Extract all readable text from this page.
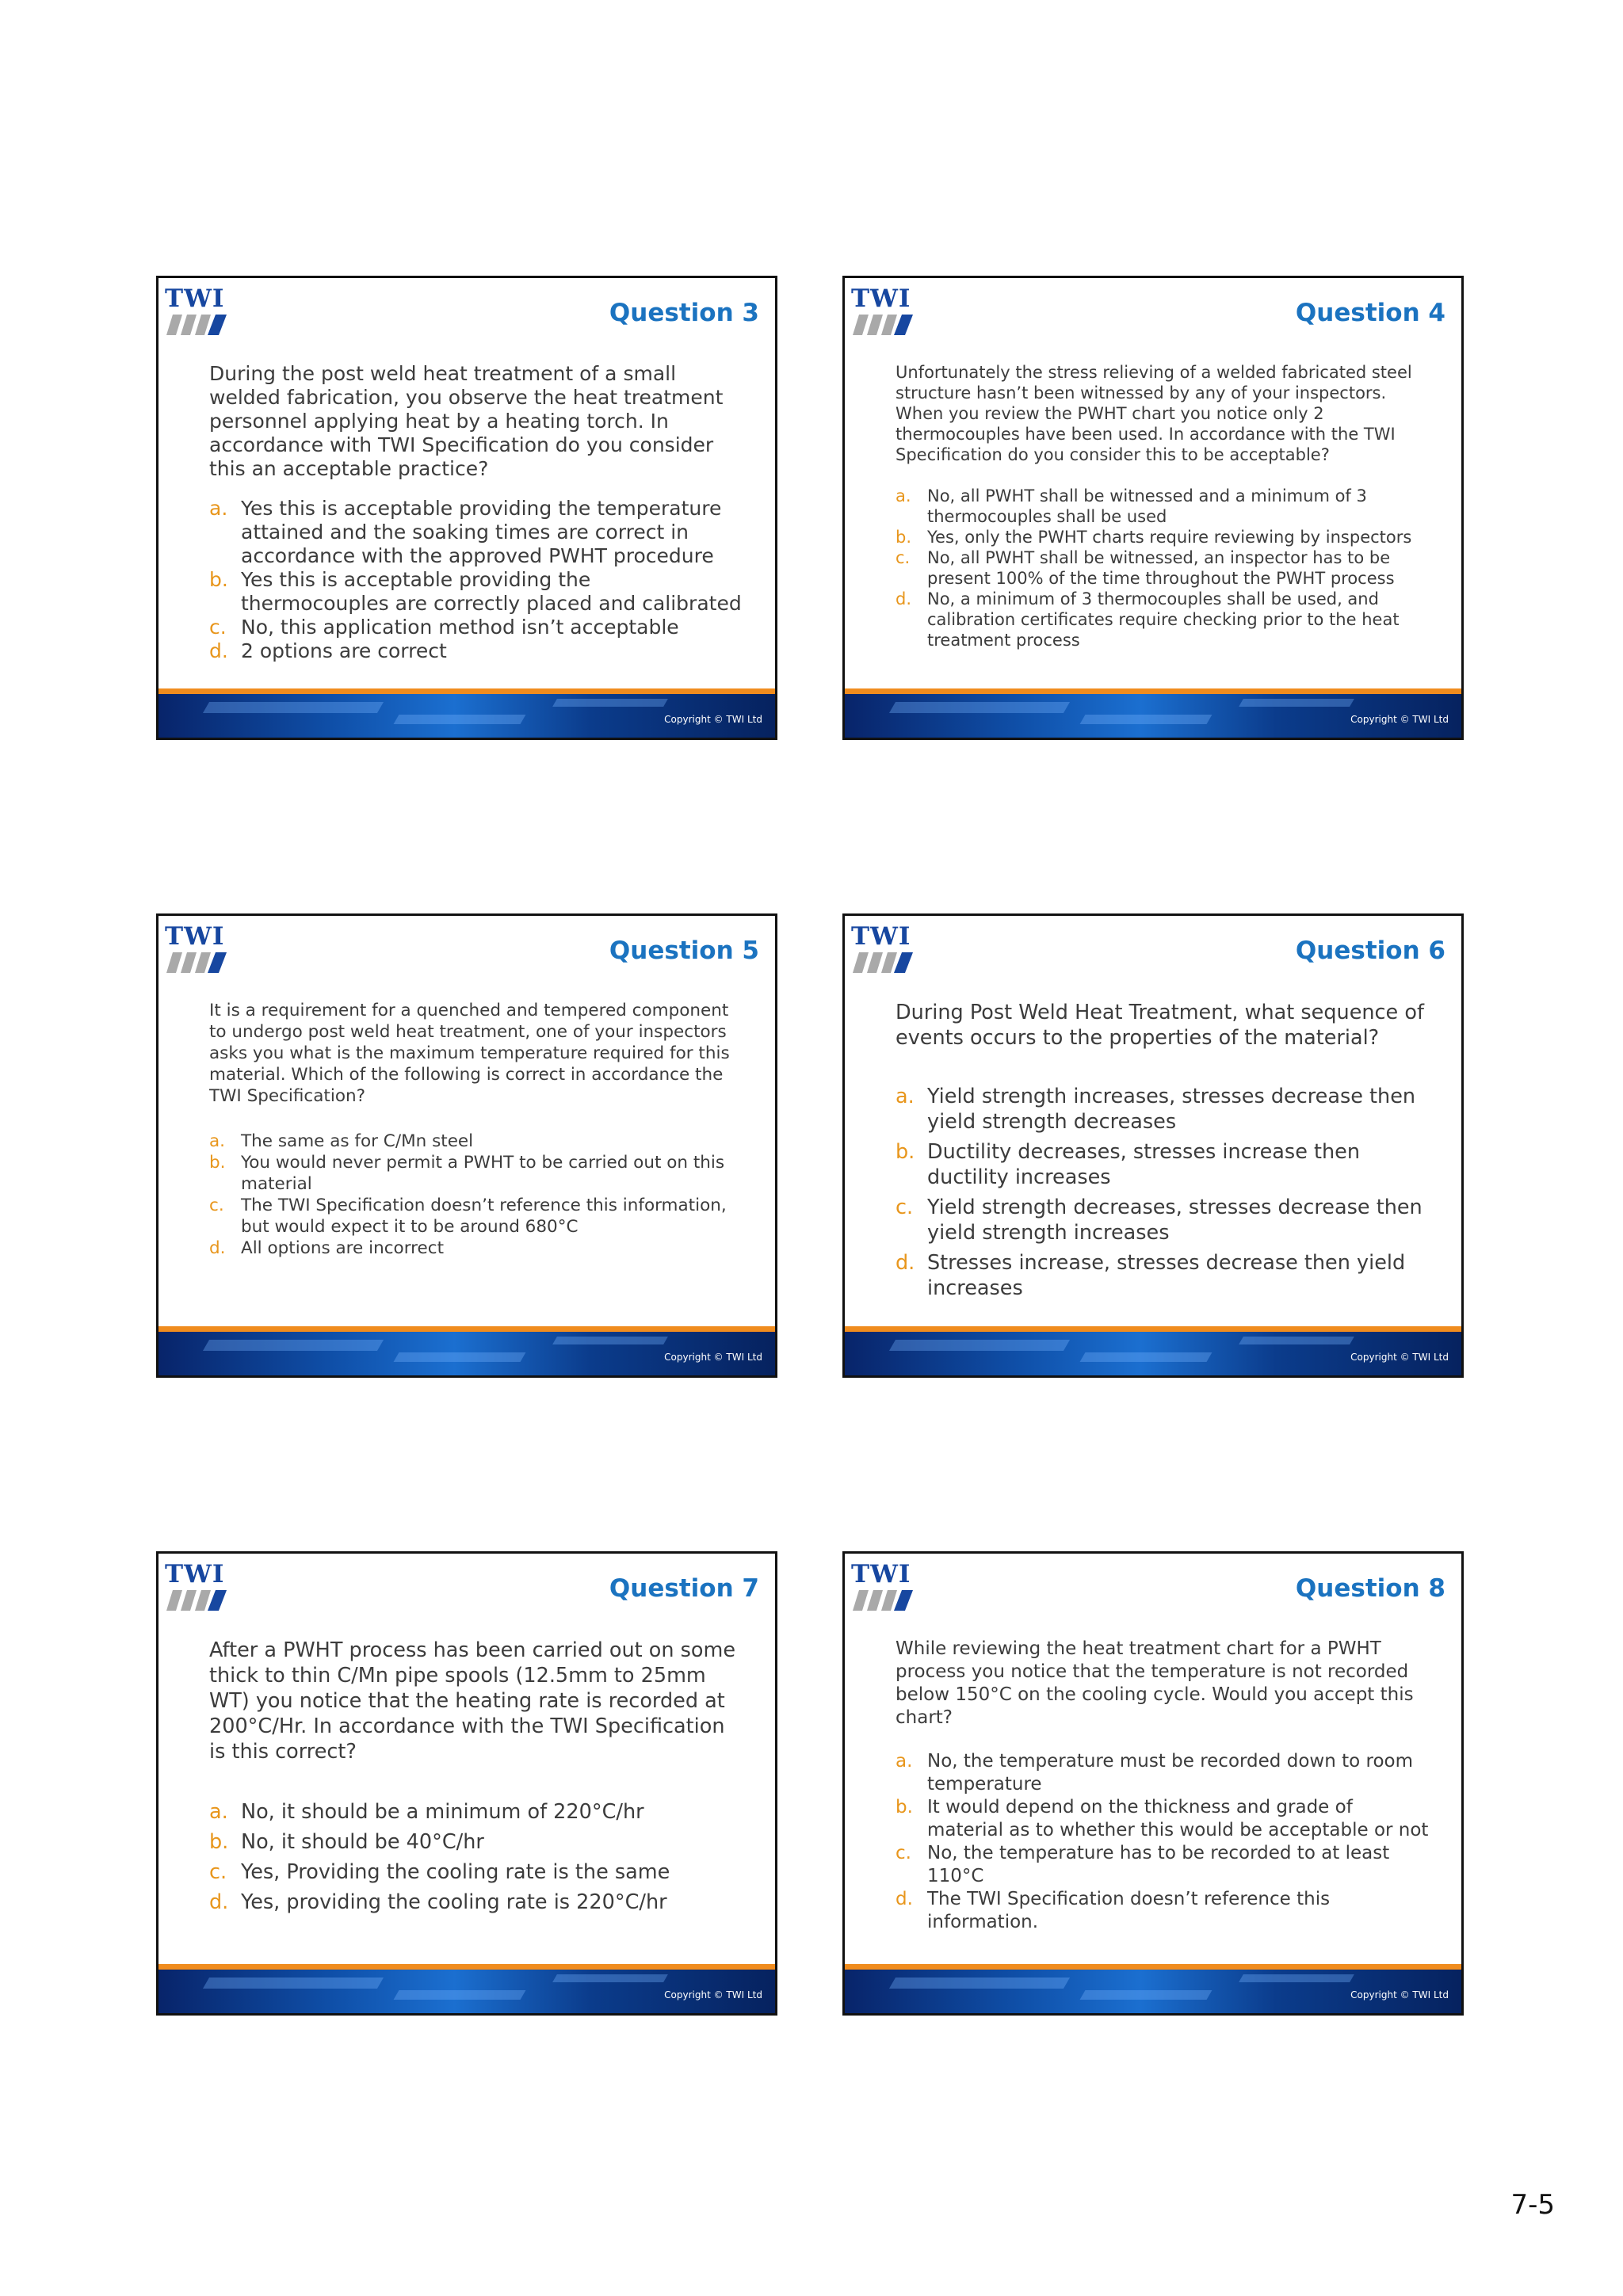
TWI	Question 3

During the post weld heat treatment of a small welded fabrication, you observe the heat treatment personnel applying heat by a heating torch. In accordance with TWI Specification do you consider this an acceptable practice?

a. Yes this is acceptable providing the temperature attained and the soaking times are correct in accordance with the approved PWHT procedure
b. Yes this is acceptable providing the thermocouples are correctly placed and calibrated
c. No, this application method isn’t acceptable
d. 2 options are correct
Copyright © TWI Ltd
TWI	Question 4

Unfortunately the stress relieving of a welded fabricated steel structure hasn’t been witnessed by any of your inspectors. When you review the PWHT chart you notice only 2 thermocouples have been used. In accordance with the TWI Specification do you consider this to be acceptable?

a. No, all PWHT shall be witnessed and a minimum of 3 thermocouples shall be used
b. Yes, only the PWHT charts require reviewing by inspectors
c. No, all PWHT shall be witnessed, an inspector has to be present 100% of the time throughout the PWHT process
d. No, a minimum of 3 thermocouples shall be used, and calibration certificates require checking prior to the heat treatment process
Copyright © TWI Ltd
TWI	Question 5

It is a requirement for a quenched and tempered component to undergo post weld heat treatment, one of your inspectors asks you what is the maximum temperature required for this material. Which of the following is correct in accordance the TWI Specification?

a. The same as for C/Mn steel
b. You would never permit a PWHT to be carried out on this material
c. The TWI Specification doesn’t reference this information, but would expect it to be around 680°C
d. All options are incorrect
Copyright © TWI Ltd
TWI	Question 6

During Post Weld Heat Treatment, what sequence of events occurs to the properties of the material?

a. Yield strength increases, stresses decrease then yield strength decreases
b. Ductility decreases, stresses increase then ductility increases
c. Yield strength decreases, stresses decrease then yield strength increases
d. Stresses increase, stresses decrease then yield increases
Copyright © TWI Ltd
TWI	Question 7

After a PWHT process has been carried out on some thick to thin C/Mn pipe spools (12.5mm to 25mm WT) you notice that the heating rate is recorded at 200°C/Hr. In accordance with the TWI Specification is this correct?

a. No, it should be a minimum of 220°C/hr
b. No, it should be 40°C/hr
c. Yes, Providing the cooling rate is the same
d. Yes, providing the cooling rate is 220°C/hr
Copyright © TWI Ltd
TWI	Question 8

While reviewing the heat treatment chart for a PWHT process you notice that the temperature is not recorded below 150°C on the cooling cycle. Would you accept this chart?

a. No, the temperature must be recorded down to room temperature
b. It would depend on the thickness and grade of material as to whether this would be acceptable or not
c. No, the temperature has to be recorded to at least 110°C
d. The TWI Specification doesn’t reference this information.
Copyright © TWI Ltd
7-5
